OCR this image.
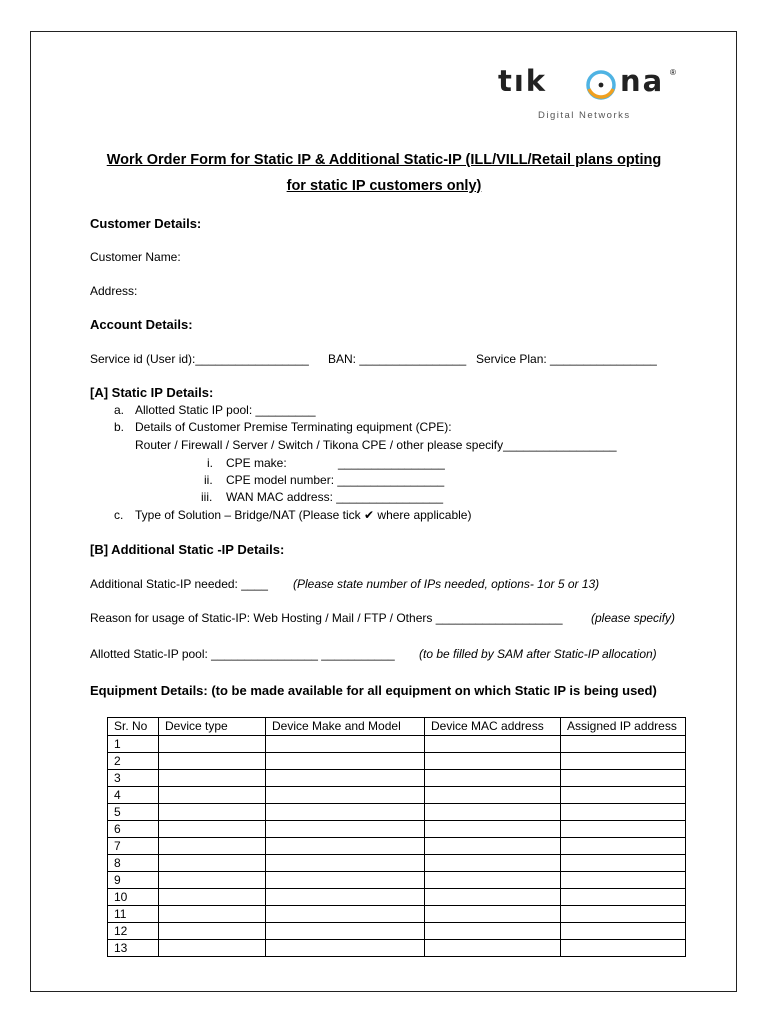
tık	na ®
Digital Networks
Work Order Form for Static IP & Additional Static-IP (ILL/VILL/Retail plans opting
for static IP customers only)
Customer Details:
Customer Name:
Address:
Account Details:
Service id (User id):_________________ BAN: ________________ Service Plan: ________________
[A] Static IP Details:
a. Allotted Static IP pool: _________
b. Details of Customer Premise Terminating equipment (CPE):
Router / Firewall / Server / Switch / Tikona CPE / other please specify_________________
i. CPE make:	________________
ii. CPE model number: ________________
iii. WAN MAC address: ________________
c. Type of Solution – Bridge/NAT (Please tick ✔ where applicable)
[B] Additional Static -IP Details:
Additional Static-IP needed: ____ (Please state number of IPs needed, options- 1or 5 or 13)
Reason for usage of Static-IP: Web Hosting / Mail / FTP / Others ___________________ (please specify)
Allotted Static-IP pool: ________________ ___________ (to be filled by SAM after Static-IP allocation)
Equipment Details: (to be made available for all equipment on which Static IP is being used)
Sr. No	Device type	Device Make and Model	Device MAC address	Assigned IP address
1				
2				
3				
4				
5				
6				
7				
8				
9				
10				
11				
12				
13				
